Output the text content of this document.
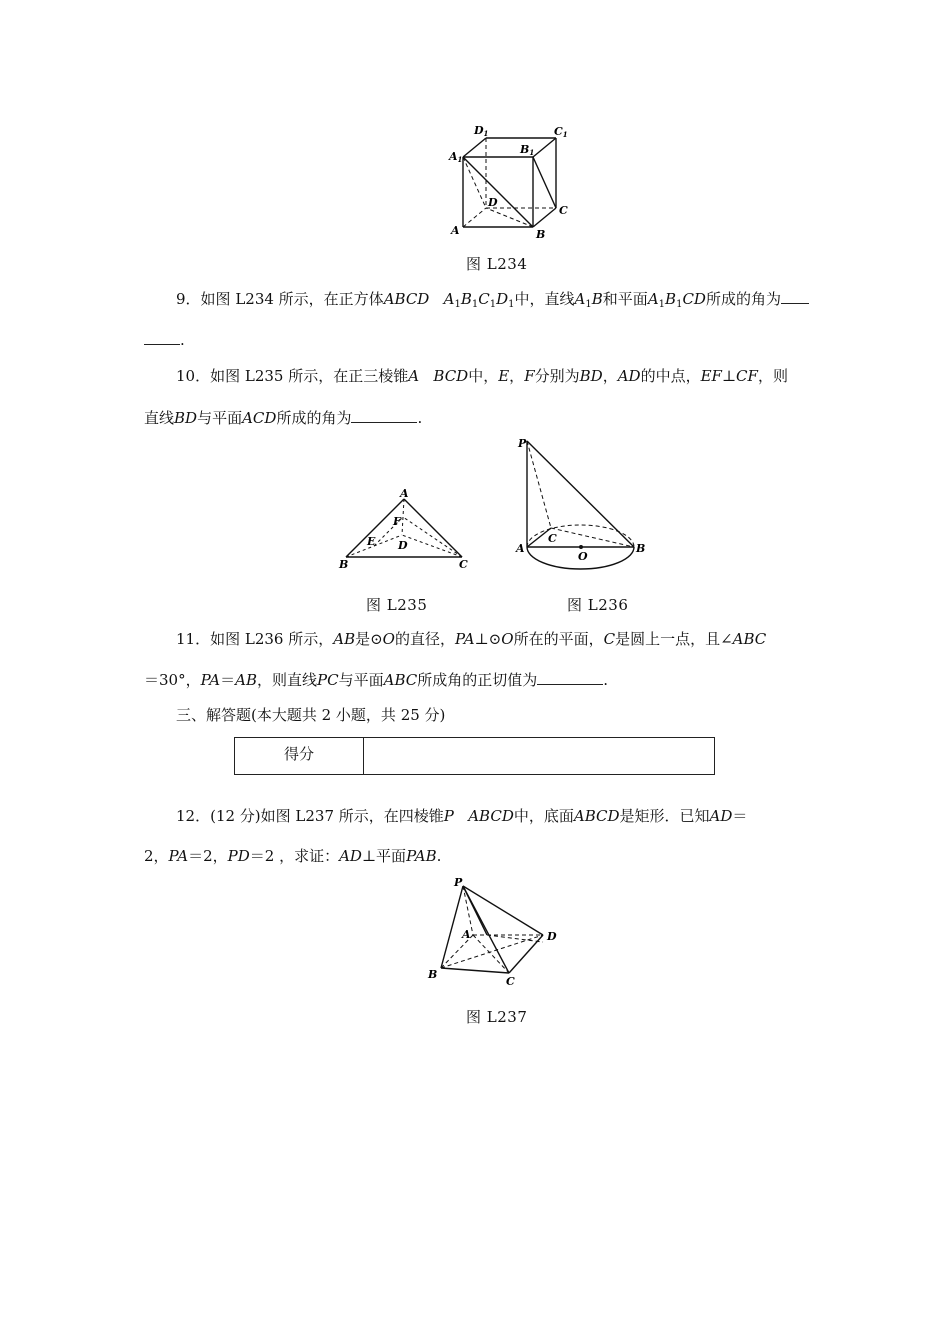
D1	C1
A1
B1
D
C
A	B
图 L234
9．如图 L234 所示，在正方体ABCD $A_1B_1C_1D_1$中，直线$A_1B$和平面$A_1B_1CD$所成的角为
.
10．如图 L235 所示，在正三棱锥A BCD中，E，F分别为BD，AD的中点，EF⊥CF，则
直线BD与平面ACD所成的角为	.
A
F
E D
B	C
P
C
A
O
B
图 L235	图 L236
11．如图 L236 所示，AB是⊙O的直径，PA⊥⊙O所在的平面，C是圆上一点，且∠ABC
＝30°，PA＝AB，则直线PC与平面ABC所成角的正切值为	.
三、解答题(本大题共 2 小题，共 25 分)
得分
12．(12 分)如图 L237 所示，在四棱锥P ABCD中，底面ABCD是矩形．已知AD＝
2，PA＝2，PD＝2 ，求证：AD⊥平面PAB.
P
A	D
B
C
图 L237
